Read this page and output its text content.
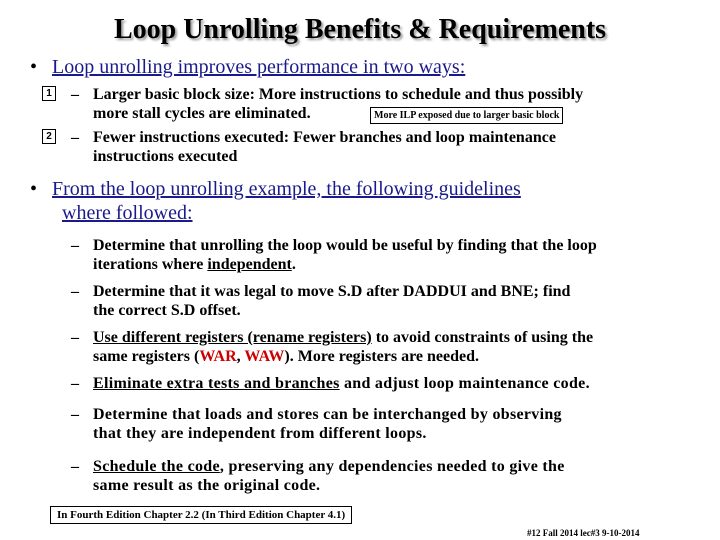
Loop Unrolling Benefits & Requirements
• Loop unrolling improves performance in two ways:
1 – Larger basic block size: More instructions to schedule and thus possibly
more stall cycles are eliminated.	More ILP exposed due to larger basic block
2 – Fewer instructions executed: Fewer branches and loop maintenance
instructions executed
• From the loop unrolling example, the following guidelines
where followed:
– Determine that unrolling the loop would be useful by finding that the loop
iterations where independent.
– Determine that it was legal to move S.D after DADDUI and BNE; find
the correct S.D offset.
– Use different registers (rename registers) to avoid constraints of using the
same registers (WAR, WAW). More registers are needed.
– Eliminate extra tests and branches and adjust loop maintenance code.
– Determine that loads and stores can be interchanged by observing
that they are independent from different loops.
– Schedule the code, preserving any dependencies needed to give the
same result as the original code.
In Fourth Edition Chapter 2.2 (In Third Edition Chapter 4.1)
#12 Fall 2014 lec#3 9-10-2014
